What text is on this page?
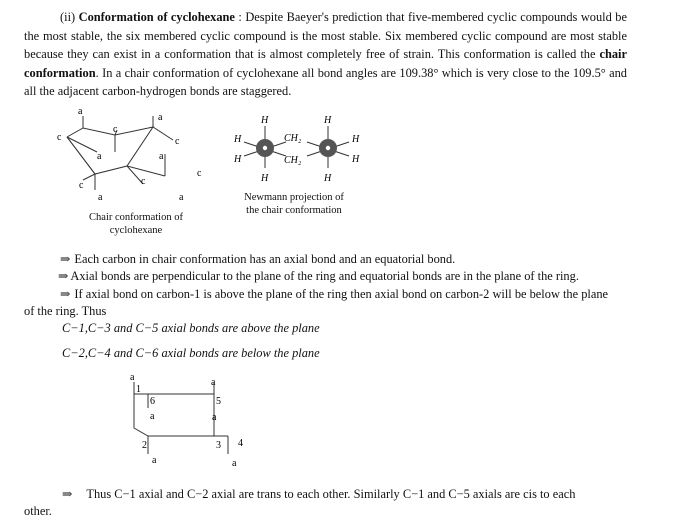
(ii) Conformation of cyclohexane : Despite Baeyer's prediction that five-membered cyclic compounds would be the most stable, the six membered cyclic compound is the most stable. Six membered cyclic compound are most stable because they can exist in a conformation that is almost completely free of strain. This conformation is called the chair conformation. In a chair conformation of cyclohexane all bond angles are 109.38° which is very close to the 109.5° and all the adjacent carbon-hydrogen bonds are staggered.
a
a
a	a
a	a
c
c
c
c	c
c
Chair conformation of
cyclohexane
H	H
H
H
H
H
H	H
CH₂
CH₂
Newmann projection of
the chair conformation
⇒ Each carbon in chair conformation has an axial bond and an equatorial bond.
⇒ Axial bonds are perpendicular to the plane of the ring and equatorial bonds are in the plane of the ring.
⇒ If axial bond on carbon-1 is above the plane of the ring then axial bond on carbon-2 will be below the plane
of the ring. Thus
C−1,C−3 and C−5 axial bonds are above the plane
C−2,C−4 and C−6 axial bonds are below the plane
a	a
a	a
a	a
1
6	5
2	3 4
⇒ Thus C−1 axial and C−2 axial are trans to each other. Similarly C−1 and C−5 axials are cis to each
other.
